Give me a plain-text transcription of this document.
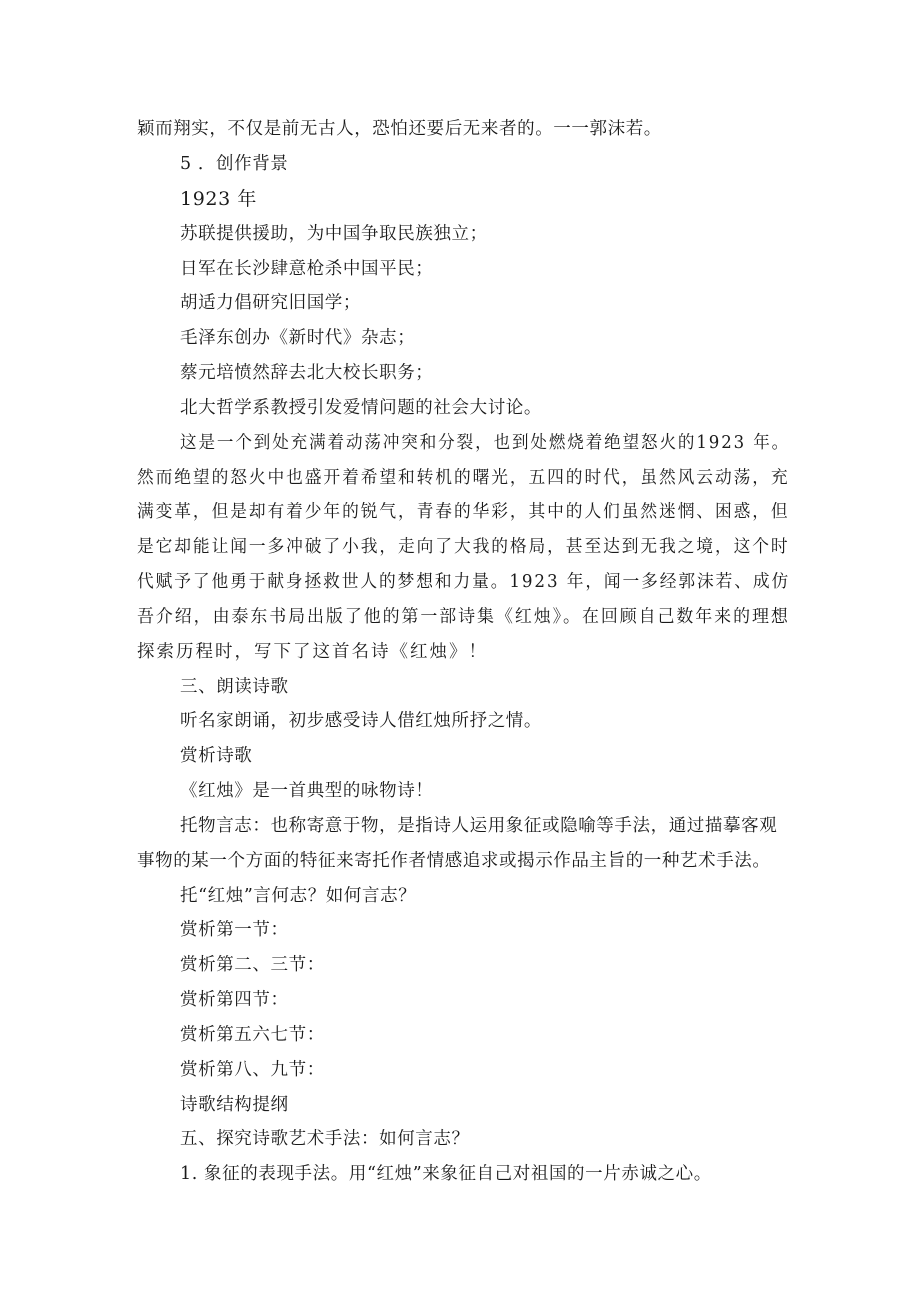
颖而翔实，不仅是前无古人，恐怕还要后无来者的。一一郭沫若。
5 ．创作背景
1923 年
苏联提供援助，为中国争取民族独立；
日军在长沙肆意枪杀中国平民；
胡适力倡研究旧国学；
毛泽东创办《新时代》杂志；
蔡元培愤然辞去北大校长职务；
北大哲学系教授引发爱情问题的社会大讨论。
这是一个到处充满着动荡冲突和分裂，也到处燃烧着绝望怒火的1923 年。
然而绝望的怒火中也盛开着希望和转机的曙光，五四的时代，虽然风云动荡，充
满变革，但是却有着少年的锐气，青春的华彩，其中的人们虽然迷惘、困惑，但
是它却能让闻一多冲破了小我，走向了大我的格局，甚至达到无我之境，这个时
代赋予了他勇于献身拯救世人的梦想和力量。1923 年，闻一多经郭沫若、成仿
吾介绍，由泰东书局出版了他的第一部诗集《红烛》。在回顾自己数年来的理想
探索历程时，写下了这首名诗《红烛》！
三、朗读诗歌
听名家朗诵，初步感受诗人借红烛所抒之情。
赏析诗歌
《红烛》是一首典型的咏物诗！
托物言志：也称寄意于物，是指诗人运用象征或隐喻等手法，通过描摹客观
事物的某一个方面的特征来寄托作者情感追求或揭示作品主旨的一种艺术手法。
托“红烛”言何志？如何言志？
赏析第一节：
赏析第二、三节：
赏析第四节：
赏析第五六七节：
赏析第八、九节：
诗歌结构提纲
五、探究诗歌艺术手法：如何言志？
1. 象征的表现手法。用“红烛”来象征自己对祖国的一片赤诚之心。
